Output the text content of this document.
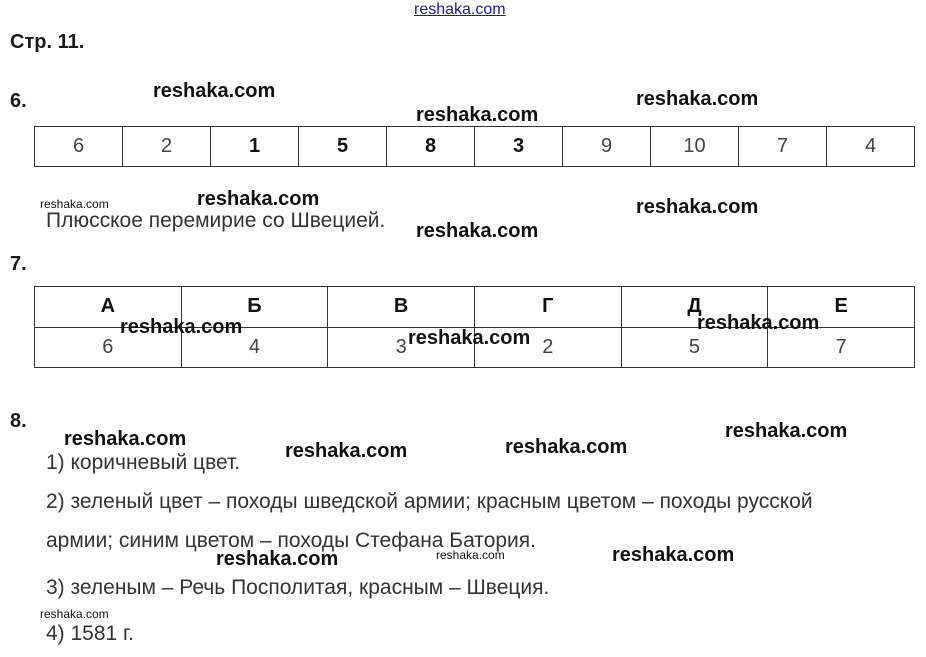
reshaka.com
Стр. 11.
6.
6	2	1	5	8	3	9	10	7	4
Плюсское перемирие со Швецией.
7.
А	Б	В	Г	Д	Е
6	4	3	2	5	7
8.
1) коричневый цвет.
2) зеленый цвет – походы шведской армии; красным цветом – походы русской
армии; синим цветом – походы Стефана Батория.
3) зеленым – Речь Посполитая, красным – Швеция.
4) 1581 г.
reshaka.com
reshaka.com
reshaka.com
reshaka.com	reshaka.com
reshaka.com
reshaka.com
reshaka.com	reshaka.com
reshaka.com
reshaka.com
reshaka.com	reshaka.com
reshaka.com
reshaka.com	reshaka.com	reshaka.com
reshaka.com
